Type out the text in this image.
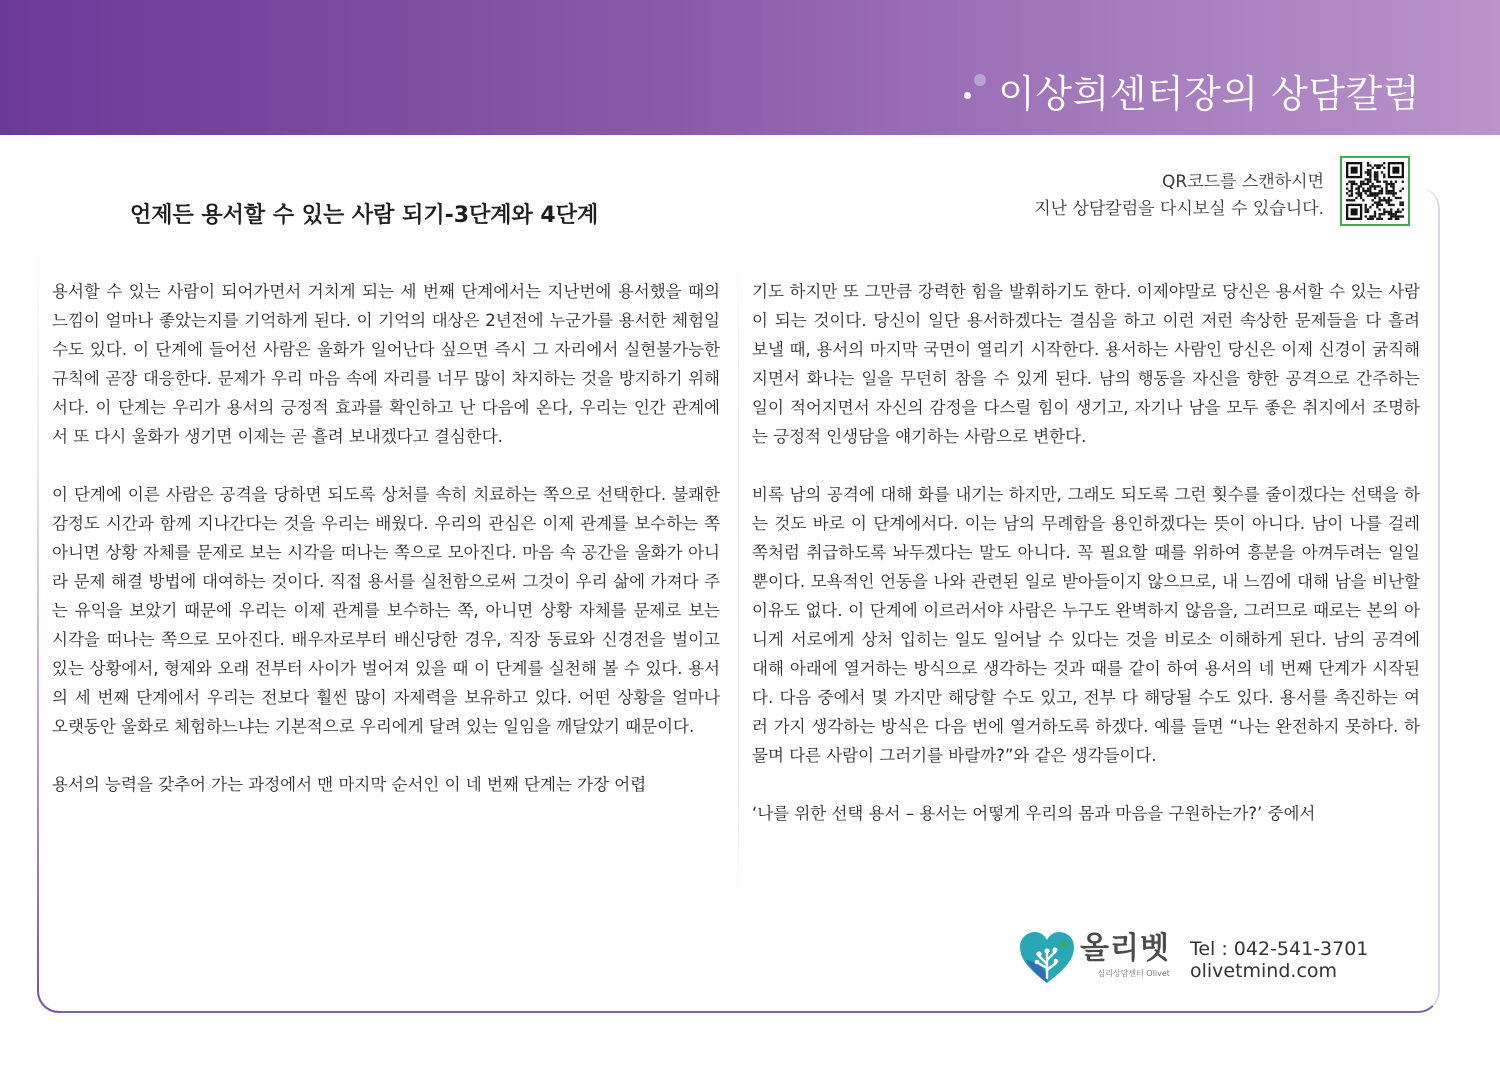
이상희센터장의 상담칼럼
QR코드를 스캔하시면
지난 상담칼럼을 다시보실 수 있습니다.
언제든 용서할 수 있는 사람 되기-3단계와 4단계

용서할 수 있는 사람이 되어가면서 거치게 되는 세 번째 단계에서는 지난번에 용서했을 때의 느낌이 얼마나 좋았는지를 기억하게 된다. 이 기억의 대상은 2년전에 누군가를 용서한 체험일 수도 있다. 이 단계에 들어선 사람은 울화가 일어난다 싶으면 즉시 그 자리에서 실현불가능한 규칙에 곧장 대응한다. 문제가 우리 마음 속에 자리를 너무 많이 차지하는 것을 방지하기 위해서다. 이 단계는 우리가 용서의 긍정적 효과를 확인하고 난 다음에 온다, 우리는 인간 관계에서 또 다시 울화가 생기면 이제는 곧 흘려 보내겠다고 결심한다.

이 단계에 이른 사람은 공격을 당하면 되도록 상처를 속히 치료하는 쪽으로 선택한다. 불쾌한 감정도 시간과 함께 지나간다는 것을 우리는 배웠다. 우리의 관심은 이제 관계를 보수하는 쪽 아니면 상황 자체를 문제로 보는 시각을 떠나는 쪽으로 모아진다. 마음 속 공간을 울화가 아니라 문제 해결 방법에 대여하는 것이다. 직접 용서를 실천함으로써 그것이 우리 삶에 가져다 주는 유익을 보았기 때문에 우리는 이제 관계를 보수하는 쪽, 아니면 상황 자체를 문제로 보는 시각을 떠나는 쪽으로 모아진다. 배우자로부터 배신당한 경우, 직장 동료와 신경전을 벌이고 있는 상황에서, 형제와 오래 전부터 사이가 벌어져 있을 때 이 단계를 실천해 볼 수 있다. 용서의 세 번째 단계에서 우리는 전보다 훨씬 많이 자제력을 보유하고 있다. 어떤 상황을 얼마나 오랫동안 울화로 체험하느냐는 기본적으로 우리에게 달려 있는 일임을 깨달았기 때문이다.

용서의 능력을 갖추어 가는 과정에서 맨 마지막 순서인 이 네 번째 단계는 가장 어렵

기도 하지만 또 그만큼 강력한 힘을 발휘하기도 한다. 이제야말로 당신은 용서할 수 있는 사람이 되는 것이다. 당신이 일단 용서하겠다는 결심을 하고 이런 저런 속상한 문제들을 다 흘려 보낼 때, 용서의 마지막 국면이 열리기 시작한다. 용서하는 사람인 당신은 이제 신경이 굵직해지면서 화나는 일을 무던히 참을 수 있게 된다. 남의 행동을 자신을 향한 공격으로 간주하는 일이 적어지면서 자신의 감정을 다스릴 힘이 생기고, 자기나 남을 모두 좋은 취지에서 조명하는 긍정적 인생담을 얘기하는 사람으로 변한다.

비록 남의 공격에 대해 화를 내기는 하지만, 그래도 되도록 그런 횟수를 줄이겠다는 선택을 하는 것도 바로 이 단계에서다. 이는 남의 무례함을 용인하겠다는 뜻이 아니다. 남이 나를 걸레쪽처럼 취급하도록 놔두겠다는 말도 아니다. 꼭 필요할 때를 위하여 흥분을 아껴두려는 일일 뿐이다. 모욕적인 언동을 나와 관련된 일로 받아들이지 않으므로, 내 느낌에 대해 남을 비난할 이유도 없다. 이 단계에 이르러서야 사람은 누구도 완벽하지 않음을, 그러므로 때로는 본의 아니게 서로에게 상처 입히는 일도 일어날 수 있다는 것을 비로소 이해하게 된다. 남의 공격에 대해 아래에 열거하는 방식으로 생각하는 것과 때를 같이 하여 용서의 네 번째 단계가 시작된다. 다음 중에서 몇 가지만 해당할 수도 있고, 전부 다 해당될 수도 있다. 용서를 촉진하는 여러 가지 생각하는 방식은 다음 번에 열거하도록 하겠다. 예를 들면 “나는 완전하지 못하다. 하물며 다른 사람이 그러기를 바랄까?”와 같은 생각들이다.

‘나를 위한 선택 용서 – 용서는 어떻게 우리의 몸과 마음을 구원하는가?’ 중에서

올리벳
심리상담센터 Olivet
Tel : 042-541-3701
olivetmind.com
